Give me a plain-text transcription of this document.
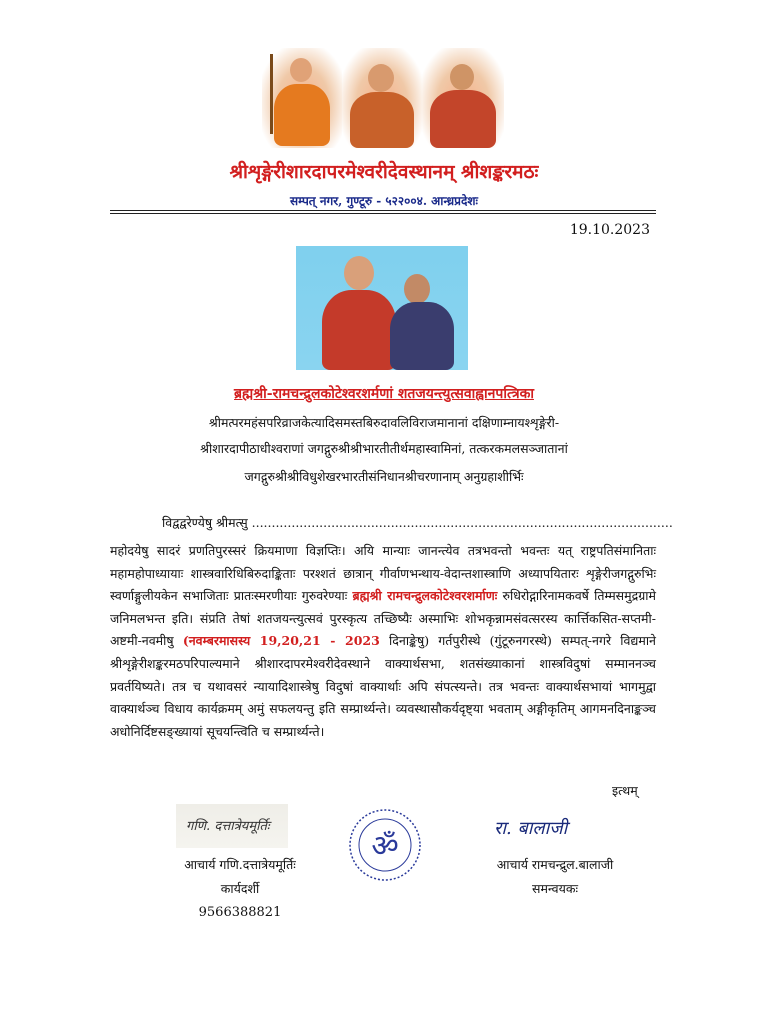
श्रीशृङ्गेरीशारदापरमेश्वरीदेवस्थानम् श्रीशङ्करमठः
सम्पत् नगर, गुण्टूरु - ५२२००४. आन्ध्रप्रदेशः
19.10.2023
ब्रह्मश्री-रामचन्द्रुलकोटेश्वरशर्मणां शतजयन्त्युत्सवाह्वानपत्त्रिका
श्रीमत्परमहंसपरिव्राजकेत्यादिसमस्तबिरुदावलिविराजमानानां दक्षिणाम्नायश्शृङ्गेरी-
श्रीशारदापीठाधीश्वराणां जगद्गुरुश्रीश्रीभारतीतीर्थमहास्वामिनां, तत्करकमलसञ्जातानां
जगद्गुरुश्रीश्रीविधुशेखरभारतीसंनिधानश्रीचरणानाम् अनुग्रहाशीर्भिः
विद्वद्वरेण्येषु श्रीमत्सु ..........................................................................................................
महोदयेषु सादरं प्रणतिपुरस्सरं क्रियमाणा विज्ञप्तिः। अयि मान्याः जानन्त्येव तत्रभवन्तो भवन्तः यत् राष्ट्रपतिसंमानिताः महामहोपाध्यायाः शास्त्रवारिधिबिरुदाङ्किताः परश्शतं छात्रान् गीर्वाणभन्थाय-वेदान्तशास्त्राणि अध्यापयितारः शृङ्गेरीजगद्गुरुभिः स्वर्णाङ्गुलीयकेन सभाजिताः प्रातःस्मरणीयाः गुरुवरेण्याः ब्रह्मश्री रामचन्द्रुलकोटेश्वरशर्माणः रुधिरोद्गारिनामकवर्षे तिम्मसमुद्रग्रामे जनिमलभन्त इति। संप्रति तेषां शतजयन्त्युत्सवं पुरस्कृत्य तच्छिष्यैः अस्माभिः शोभकृन्नामसंवत्सरस्य कार्त्तिकसित-सप्तमी-अष्टमी-नवमीषु (नवम्बरमासस्य 19,20,21 - 2023 दिनाङ्केषु) गर्तपुरीस्थे (गुंटूरुनगरस्थे) सम्पत्-नगरे विद्यमाने श्रीशृङ्गेरीशङ्करमठपरिपाल्यमाने श्रीशारदापरमेश्वरीदेवस्थाने वाक्यार्थसभा, शतसंख्याकानां शास्त्रविदुषां सम्माननञ्च प्रवर्तयिष्यते। तत्र च यथावसरं न्यायादिशास्त्रेषु विदुषां वाक्यार्थाः अपि संपत्स्यन्ते। तत्र भवन्तः वाक्यार्थसभायां भागमुद्वा वाक्यार्थञ्च विधाय कार्यक्रमम् अमुं सफलयन्तु इति सम्प्रार्थ्यन्ते। व्यवस्थासौकर्यदृष्ट्या भवताम् अङ्गीकृतिम् आगमनदिनाङ्कञ्च अधोनिर्दिष्टसङ्ख्यायां सूचयन्त्विति च सम्प्रार्थ्यन्ते।
इत्थम्
गणि. दत्तात्रेयमूर्तिः
ॐ
रा. बालाजी
आचार्य गणि.दत्तात्रेयमूर्तिः
कार्यदर्शी
9566388821
आचार्य रामचन्द्रुल.बालाजी
समन्वयकः
